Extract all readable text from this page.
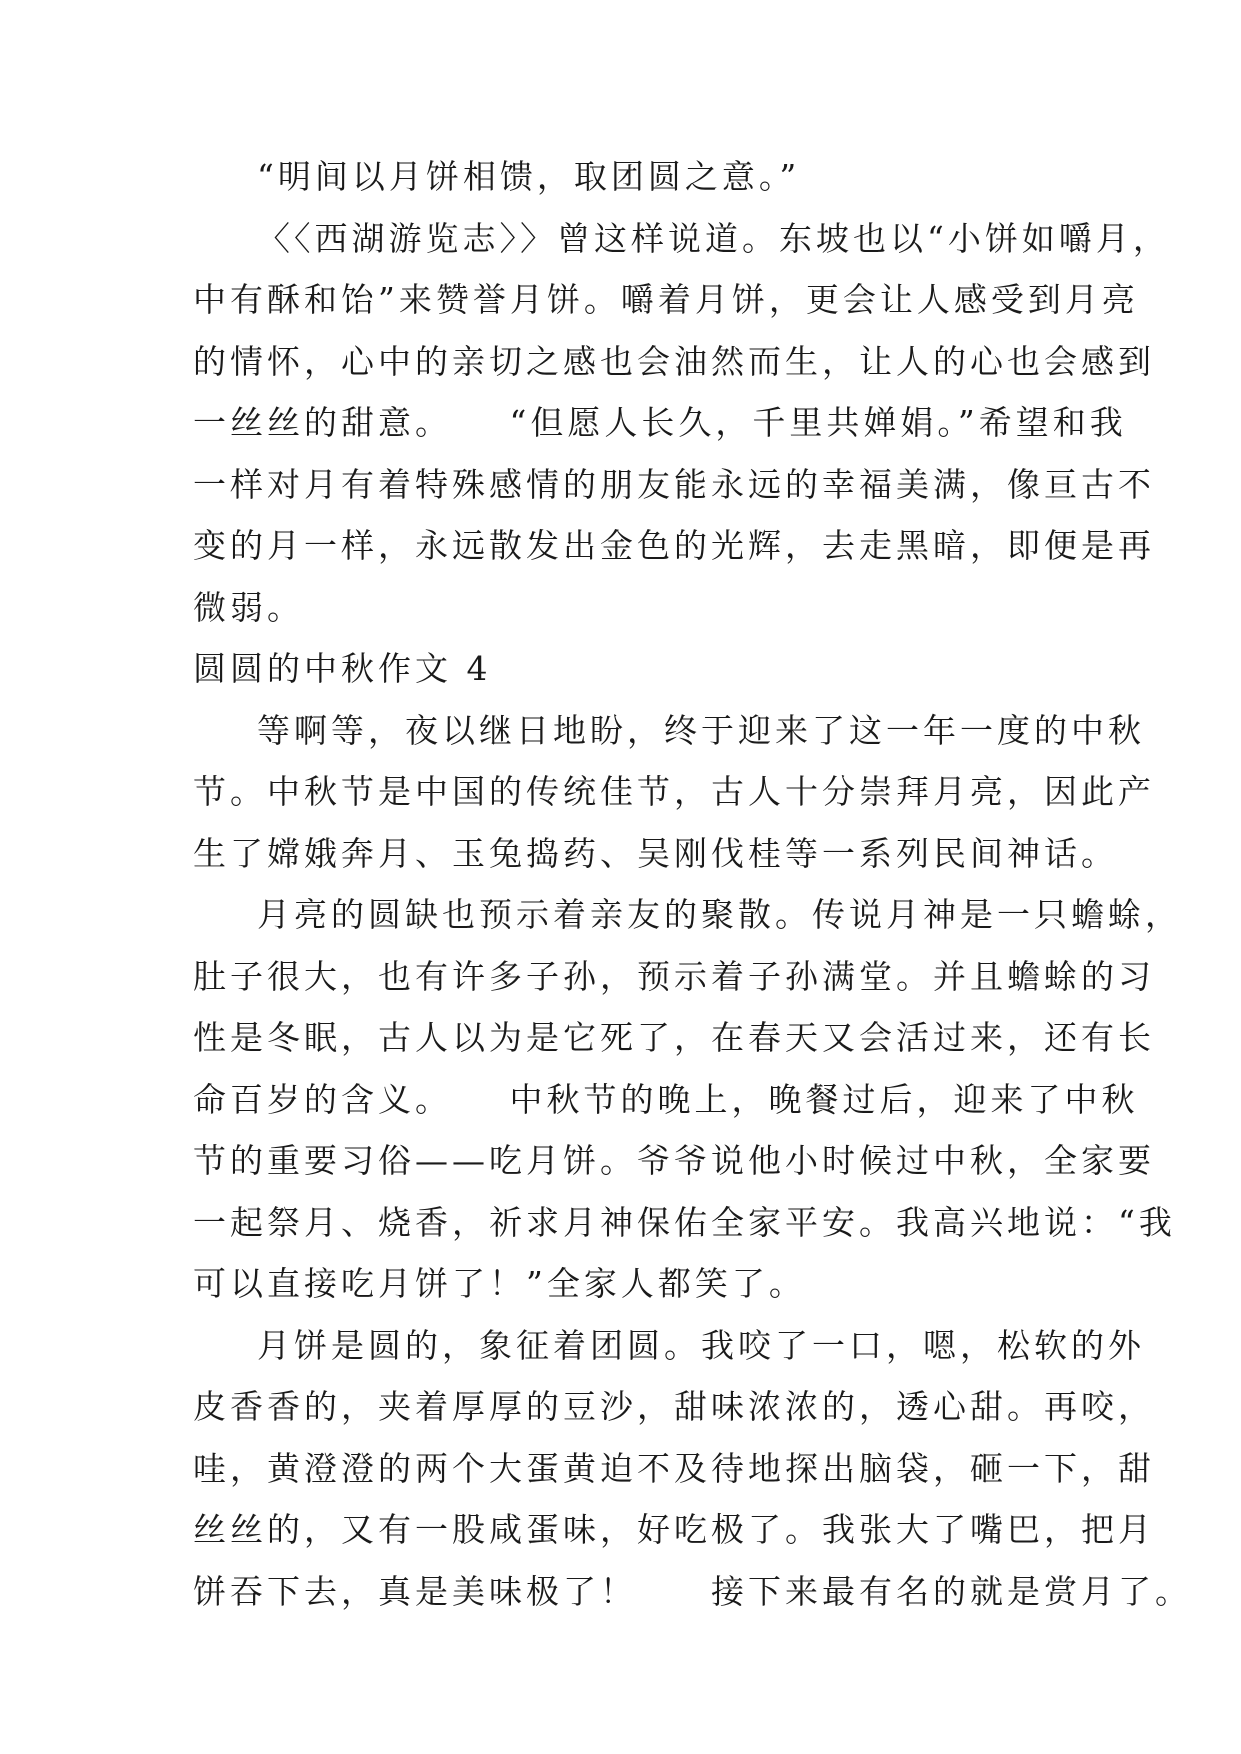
“明间以月饼相馈，取团圆之意。”
〈〈西湖游览志〉〉曾这样说道。东坡也以“小饼如嚼月，
中有酥和饴”来赞誉月饼。嚼着月饼，更会让人感受到月亮
的情怀，心中的亲切之感也会油然而生，让人的心也会感到
一丝丝的甜意。　　“但愿人长久，千里共婵娟。”希望和我
一样对月有着特殊感情的朋友能永远的幸福美满，像亘古不
变的月一样，永远散发出金色的光辉，去走黑暗，即便是再
微弱。
圆圆的中秋作文 4
等啊等，夜以继日地盼，终于迎来了这一年一度的中秋
节。中秋节是中国的传统佳节，古人十分崇拜月亮，因此产
生了嫦娥奔月、玉兔捣药、吴刚伐桂等一系列民间神话。
月亮的圆缺也预示着亲友的聚散。传说月神是一只蟾蜍，
肚子很大，也有许多子孙，预示着子孙满堂。并且蟾蜍的习
性是冬眠，古人以为是它死了，在春天又会活过来，还有长
命百岁的含义。　　中秋节的晚上，晚餐过后，迎来了中秋
节的重要习俗——吃月饼。爷爷说他小时候过中秋，全家要
一起祭月、烧香，祈求月神保佑全家平安。我高兴地说：“我
可以直接吃月饼了！”全家人都笑了。
月饼是圆的，象征着团圆。我咬了一口，嗯，松软的外
皮香香的，夹着厚厚的豆沙，甜味浓浓的，透心甜。再咬，
哇，黄澄澄的两个大蛋黄迫不及待地探出脑袋，砸一下，甜
丝丝的，又有一股咸蛋味，好吃极了。我张大了嘴巴，把月
饼吞下去，真是美味极了！　　接下来最有名的就是赏月了。
